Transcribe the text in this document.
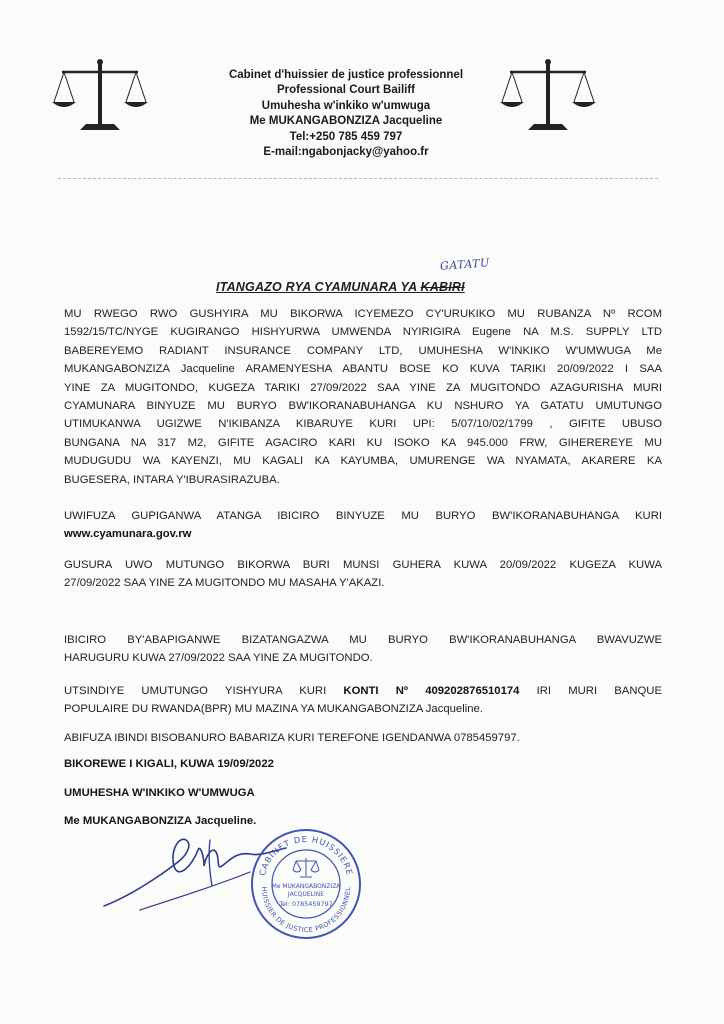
Cabinet d'huissier de justice professionnel
Professional Court Bailiff
Umuhesha w'inkiko w'umwuga
Me MUKANGABONZIZA Jacqueline
Tel:+250 785 459 797
E-mail:ngabonjacky@yahoo.fr
GATATU
ITANGAZO RYA CYAMUNARA YA KABIRI
MU RWEGO RWO GUSHYIRA MU BIKORWA ICYEMEZO CY'URUKIKO MU RUBANZA Nº RCOM
1592/15/TC/NYGE KUGIRANGO HISHYURWA UMWENDA NYIRIGIRA Eugene NA M.S. SUPPLY LTD
BABEREYEMO RADIANT INSURANCE COMPANY LTD, UMUHESHA W'INKIKO W'UMWUGA Me
MUKANGABONZIZA Jacqueline ARAMENYESHA ABANTU BOSE KO KUVA TARIKI 20/09/2022 I SAA
YINE ZA MUGITONDO, KUGEZA TARIKI 27/09/2022 SAA YINE ZA MUGITONDO AZAGURISHA MURI
CYAMUNARA BINYUZE MU BURYO BW'IKORANABUHANGA KU NSHURO YA GATATU UMUTUNGO
UTIMUKANWA UGIZWE N'IKIBANZA KIBARUYE KURI UPI: 5/07/10/02/1799 , GIFITE UBUSO
BUNGANA NA 317 M2, GIFITE AGACIRO KARI KU ISOKO KA 945.000 FRW, GIHEREREYE MU
MUDUGUDU WA KAYENZI, MU KAGALI KA KAYUMBA, UMURENGE WA NYAMATA, AKARERE KA
BUGESERA, INTARA Y'IBURASIRAZUBA.
UWIFUZA GUPIGANWA ATANGA IBICIRO BINYUZE MU BURYO BW'IKORANABUHANGA KURI
www.cyamunara.gov.rw
GUSURA UWO MUTUNGO BIKORWA BURI MUNSI GUHERA KUWA 20/09/2022 KUGEZA KUWA
27/09/2022 SAA YINE ZA MUGITONDO MU MASAHA Y'AKAZI.
IBICIRO BY'ABAPIGANWE BIZATANGAZWA MU BURYO BW'IKORANABUHANGA BWAVUZWE
HARUGURU KUWA 27/09/2022 SAA YINE ZA MUGITONDO.
UTSINDIYE UMUTUNGO YISHYURA KURI KONTI Nº 409202876510174 IRI MURI BANQUE
POPULAIRE DU RWANDA(BPR) MU MAZINA YA MUKANGABONZIZA Jacqueline.
ABIFUZA IBINDI BISOBANURO BABARIZA KURI TEREFONE IGENDANWA 0785459797.
BIKOREWE I KIGALI, KUWA 19/09/2022
UMUHESHA W'INKIKO W'UMWUGA
Me MUKANGABONZIZA Jacqueline.
CABINET DE HUISSIERE
HUISSIER DE JUSTICE PROFESSIONNEL
Me MUKANGABONZIZA
JACQUELINE
Tel: 0785459797
